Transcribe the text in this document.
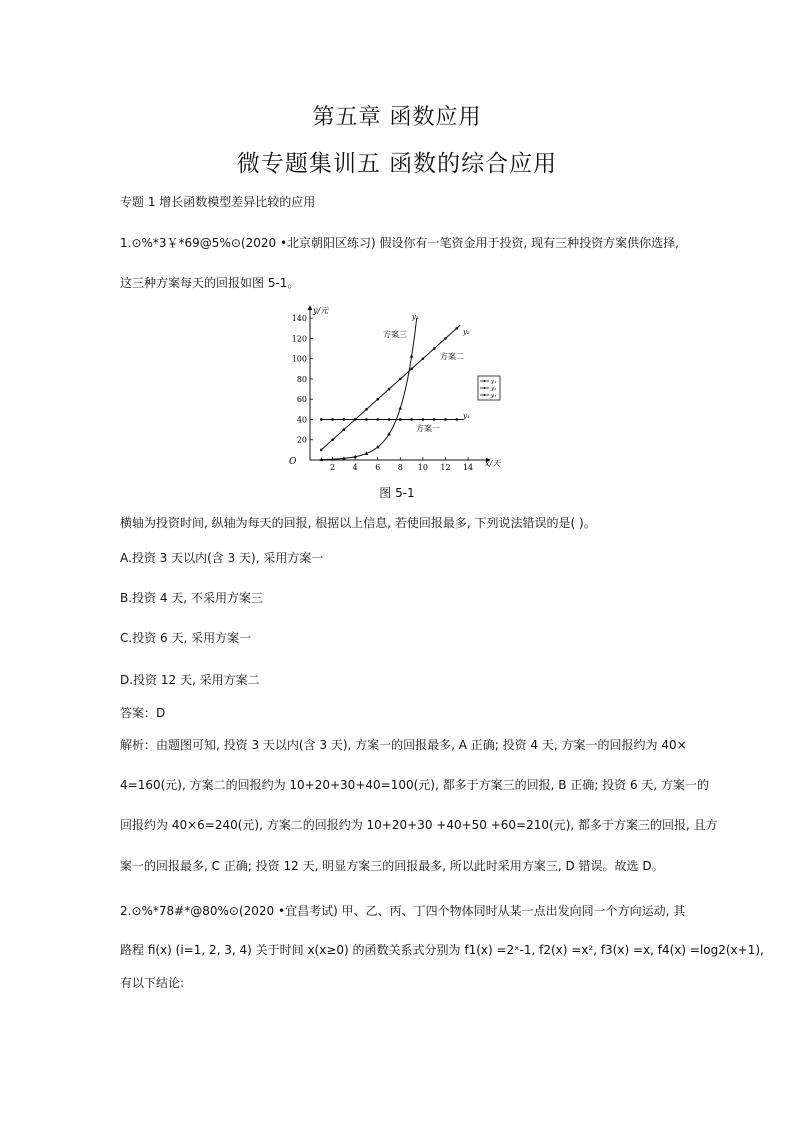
第五章 函数应用
微专题集训五 函数的综合应用
专题 1 增长函数模型差异比较的应用
1.⊙%*3￥*69@5%⊙(2020 •北京朝阳区练习) 假设你有一笔资金用于投资, 现有三种投资方案供你选择,
这三种方案每天的回报如图 5-1。
2 4 6 8 10 12 14
20
40
60
80
100
120
140
y₁
y₂
y₃
O
y/元
x/天
方案三
方案二
方案一
y₁
y₂
y₃
图 5-1
横轴为投资时间, 纵轴为每天的回报, 根据以上信息, 若使回报最多, 下列说法错误的是( )。
A.投资 3 天以内(含 3 天), 采用方案一
B.投资 4 天, 不采用方案三
C.投资 6 天, 采用方案一
D.投资 12 天, 采用方案二
答案：D
解析：由题图可知, 投资 3 天以内(含 3 天), 方案一的回报最多, A 正确; 投资 4 天, 方案一的回报约为 40×
4=160(元), 方案二的回报约为 10+20+30+40=100(元), 都多于方案三的回报, B 正确; 投资 6 天, 方案一的
回报约为 40×6=240(元), 方案二的回报约为 10+20+30 +40+50 +60=210(元), 都多于方案三的回报, 且方
案一的回报最多, C 正确; 投资 12 天, 明显方案三的回报最多, 所以此时采用方案三, D 错误。故选 D。
2.⊙%*78#*@80%⊙(2020 •宜昌考试) 甲、乙、丙、丁四个物体同时从某一点出发向同一个方向运动, 其
路程 fi(x) (i=1, 2, 3, 4) 关于时间 x(x≥0) 的函数关系式分别为 f1(x) =2ˣ-1, f2(x) =x², f3(x) =x, f4(x) =log2(x+1),
有以下结论:
